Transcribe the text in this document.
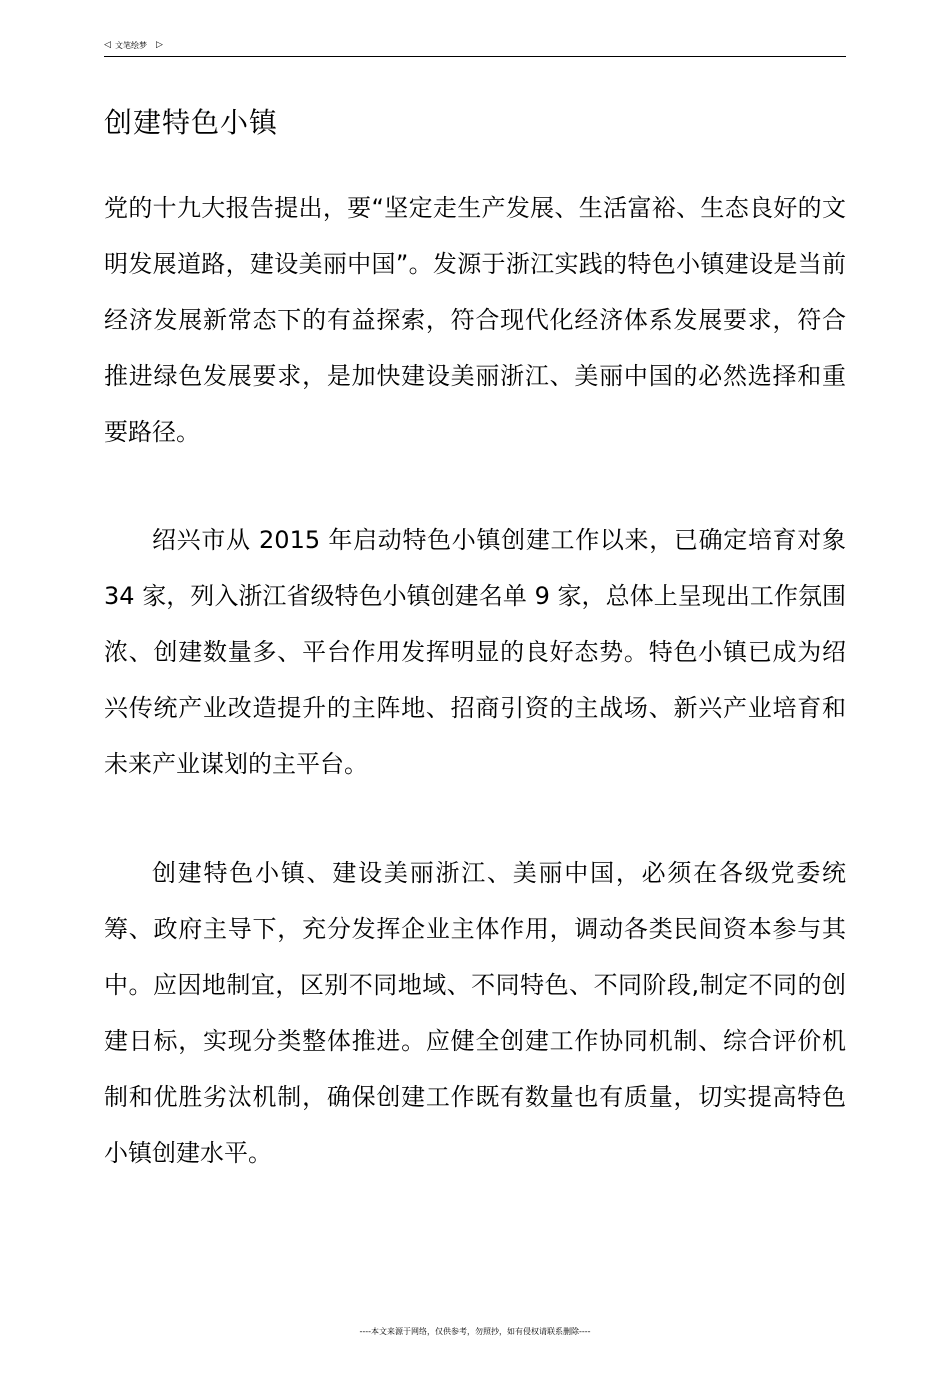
◁ 文笔绘梦 ▷
创建特色小镇

党的十九大报告提出，要“坚定走生产发展、生活富裕、生态良好的文明发展道路，建设美丽中国”。发源于浙江实践的特色小镇建设是当前经济发展新常态下的有益探索，符合现代化经济体系发展要求，符合推进绿色发展要求，是加快建设美丽浙江、美丽中国的必然选择和重要路径。

绍兴市从 2015 年启动特色小镇创建工作以来，已确定培育对象 34 家，列入浙江省级特色小镇创建名单 9 家，总体上呈现出工作氛围浓、创建数量多、平台作用发挥明显的良好态势。特色小镇已成为绍兴传统产业改造提升的主阵地、招商引资的主战场、新兴产业培育和未来产业谋划的主平台。

创建特色小镇、建设美丽浙江、美丽中国，必须在各级党委统筹、政府主导下，充分发挥企业主体作用，调动各类民间资本参与其中。应因地制宜，区别不同地域、不同特色、不同阶段,制定不同的创建日标，实现分类整体推进。应健全创建工作协同机制、综合评价机制和优胜劣汰机制，确保创建工作既有数量也有质量，切实提高特色小镇创建水平。

----本文来源于网络，仅供参考，勿照抄，如有侵权请联系删除----
